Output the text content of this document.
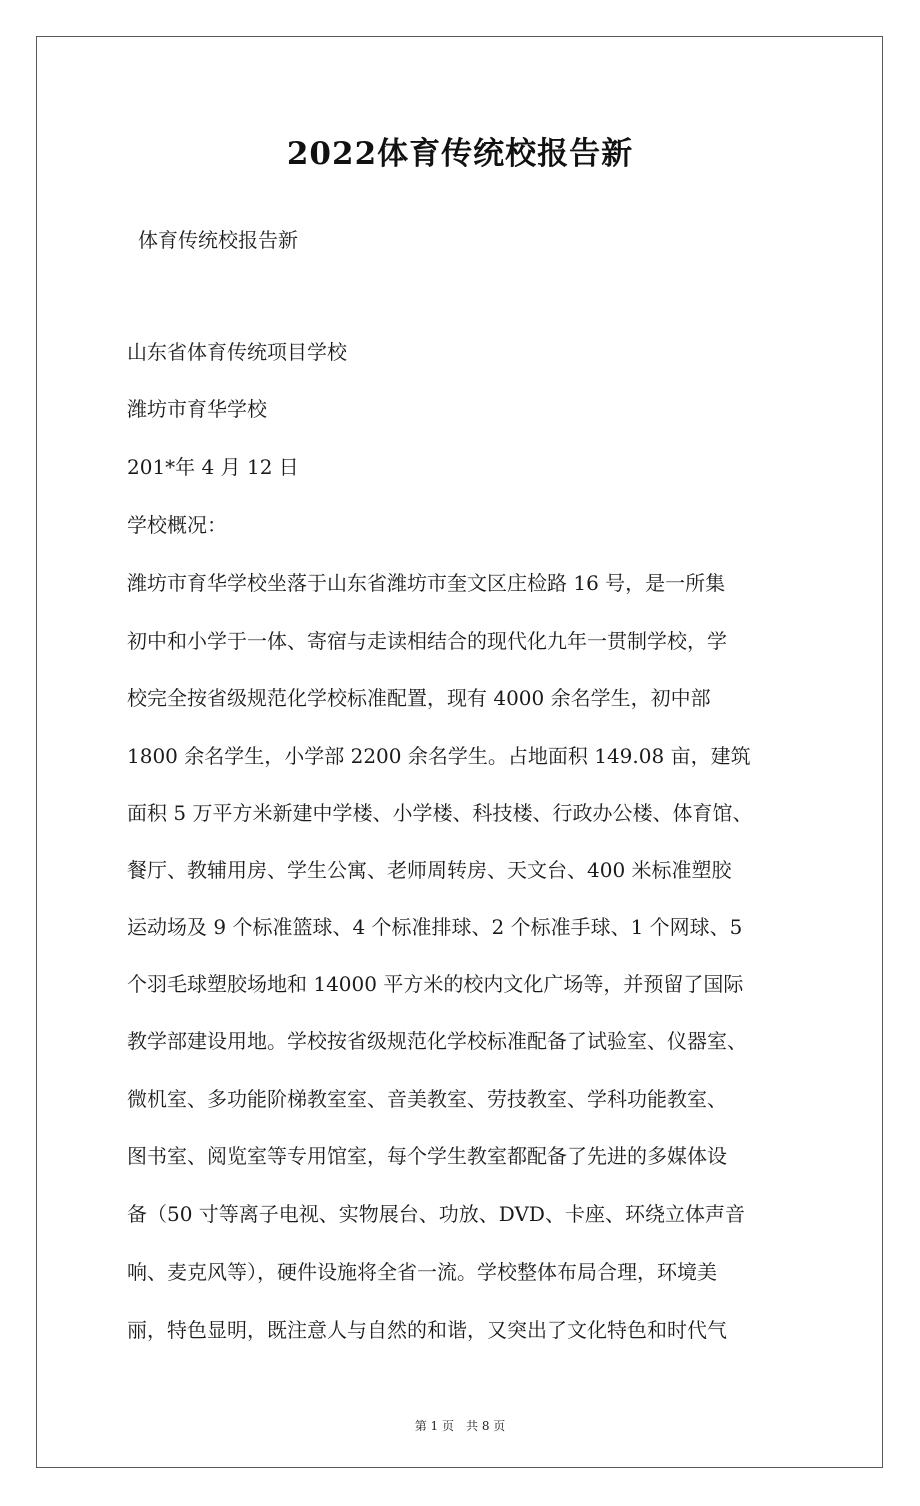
2022体育传统校报告新
体育传统校报告新
山东省体育传统项目学校
潍坊市育华学校
201*年 4 月 12 日
学校概况：
潍坊市育华学校坐落于山东省潍坊市奎文区庄检路 16 号，是一所集
初中和小学于一体、寄宿与走读相结合的现代化九年一贯制学校，学
校完全按省级规范化学校标准配置，现有 4000 余名学生，初中部
1800 余名学生，小学部 2200 余名学生。占地面积 149.08 亩，建筑
面积 5 万平方米新建中学楼、小学楼、科技楼、行政办公楼、体育馆、
餐厅、教辅用房、学生公寓、老师周转房、天文台、400 米标准塑胶
运动场及 9 个标准篮球、4 个标准排球、2 个标准手球、1 个网球、5
个羽毛球塑胶场地和 14000 平方米的校内文化广场等，并预留了国际
教学部建设用地。学校按省级规范化学校标准配备了试验室、仪器室、
微机室、多功能阶梯教室室、音美教室、劳技教室、学科功能教室、
图书室、阅览室等专用馆室，每个学生教室都配备了先进的多媒体设
备（50 寸等离子电视、实物展台、功放、DVD、卡座、环绕立体声音
响、麦克风等），硬件设施将全省一流。学校整体布局合理，环境美
丽，特色显明，既注意人与自然的和谐，又突出了文化特色和时代气
第 1 页　共 8 页
